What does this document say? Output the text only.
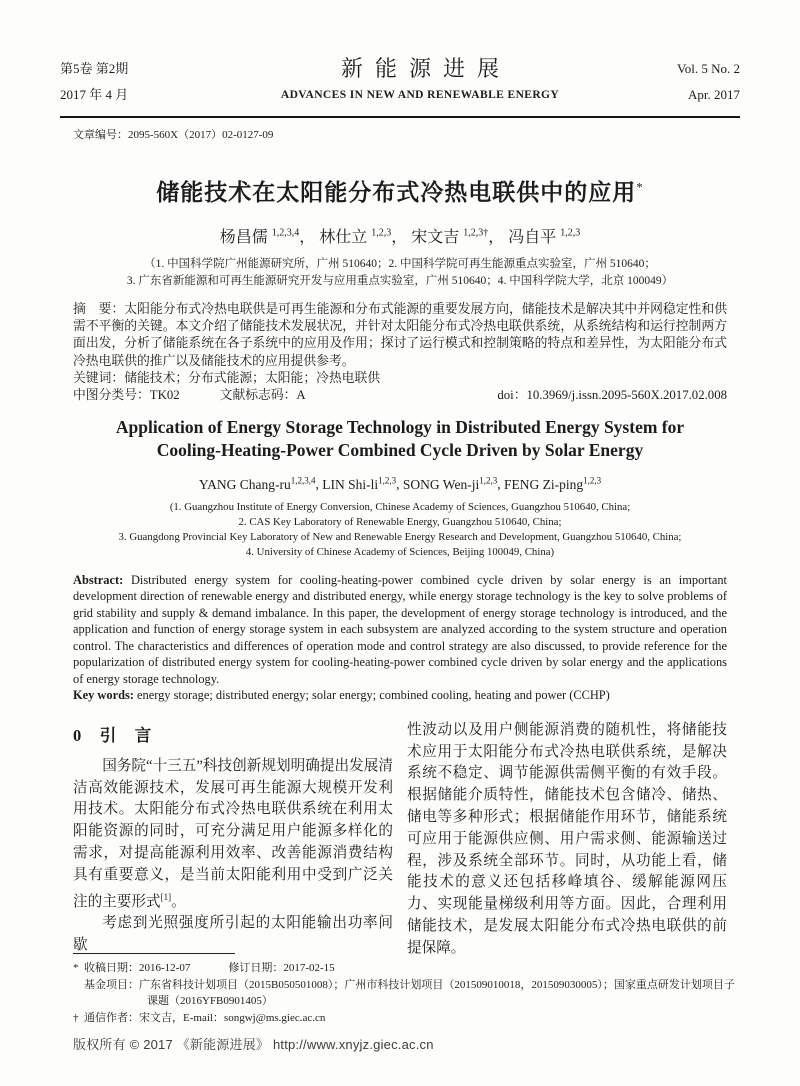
第5卷 第2期
2017 年 4 月
新能源进展
ADVANCES IN NEW AND RENEWABLE ENERGY
Vol. 5 No. 2
Apr. 2017
文章编号：2095-560X（2017）02-0127-09
储能技术在太阳能分布式冷热电联供中的应用*
杨昌儒 $^{1,2,3,4}$， 林仕立 $^{1,2,3}$， 宋文吉 $^{1,2,3\dagger}$， 冯自平 $^{1,2,3}$
（1. 中国科学院广州能源研究所，广州 510640；2. 中国科学院可再生能源重点实验室，广州 510640；
3. 广东省新能源和可再生能源研究开发与应用重点实验室，广州 510640；4. 中国科学院大学，北京 100049）
摘　要：太阳能分布式冷热电联供是可再生能源和分布式能源的重要发展方向，储能技术是解决其中并网稳定性和供需不平衡的关键。本文介绍了储能技术发展状况，并针对太阳能分布式冷热电联供系统，从系统结构和运行控制两方面出发，分析了储能系统在各子系统中的应用及作用；探讨了运行模式和控制策略的特点和差异性，为太阳能分布式冷热电联供的推广以及储能技术的应用提供参考。
关键词：储能技术；分布式能源；太阳能；冷热电联供
中图分类号：TK02	文献标志码：A	doi：10.3969/j.issn.2095-560X.2017.02.008
Application of Energy Storage Technology in Distributed Energy System for Cooling-Heating-Power Combined Cycle Driven by Solar Energy
YANG Chang-ru$^{1,2,3,4}$, LIN Shi-li$^{1,2,3}$, SONG Wen-ji$^{1,2,3}$, FENG Zi-ping$^{1,2,3}$
(1. Guangzhou Institute of Energy Conversion, Chinese Academy of Sciences, Guangzhou 510640, China;
2. CAS Key Laboratory of Renewable Energy, Guangzhou 510640, China;
3. Guangdong Provincial Key Laboratory of New and Renewable Energy Research and Development, Guangzhou 510640, China;
4. University of Chinese Academy of Sciences, Beijing 100049, China)
Abstract: Distributed energy system for cooling-heating-power combined cycle driven by solar energy is an important development direction of renewable energy and distributed energy, while energy storage technology is the key to solve problems of grid stability and supply & demand imbalance. In this paper, the development of energy storage technology is introduced, and the application and function of energy storage system in each subsystem are analyzed according to the system structure and operation control. The characteristics and differences of operation mode and control strategy are also discussed, to provide reference for the popularization of distributed energy system for cooling-heating-power combined cycle driven by solar energy and the applications of energy storage technology.
Key words: energy storage; distributed energy; solar energy; combined cooling, heating and power (CCHP)
0　引　言
国务院“十三五”科技创新规划明确提出发展清洁高效能源技术，发展可再生能源大规模开发利用技术。太阳能分布式冷热电联供系统在利用太阳能资源的同时，可充分满足用户能源多样化的需求，对提高能源利用效率、改善能源消费结构具有重要意义，是当前太阳能利用中受到广泛关注的主要形式[1]。
考虑到光照强度所引起的太阳能输出功率间歇
性波动以及用户侧能源消费的随机性，将储能技术应用于太阳能分布式冷热电联供系统，是解决系统不稳定、调节能源供需侧平衡的有效手段。根据储能介质特性，储能技术包含储冷、储热、储电等多种形式；根据储能作用环节，储能系统可应用于能源供应侧、用户需求侧、能源输送过程，涉及系统全部环节。同时，从功能上看，储能技术的意义还包括移峰填谷、缓解能源网压力、实现能量梯级利用等方面。因此，合理利用储能技术，是发展太阳能分布式冷热电联供的前提保障。
* 收稿日期：2016-12-07	修订日期：2017-02-15
基金项目：广东省科技计划项目（2015B050501008）；广州市科技计划项目（201509010018，201509030005）；国家重点研发计划项目子课题（2016YFB0901405）
† 通信作者：宋文吉，E-mail：songwj@ms.giec.ac.cn
版权所有 © 2017 《新能源进展》 http://www.xnyjz.giec.ac.cn
